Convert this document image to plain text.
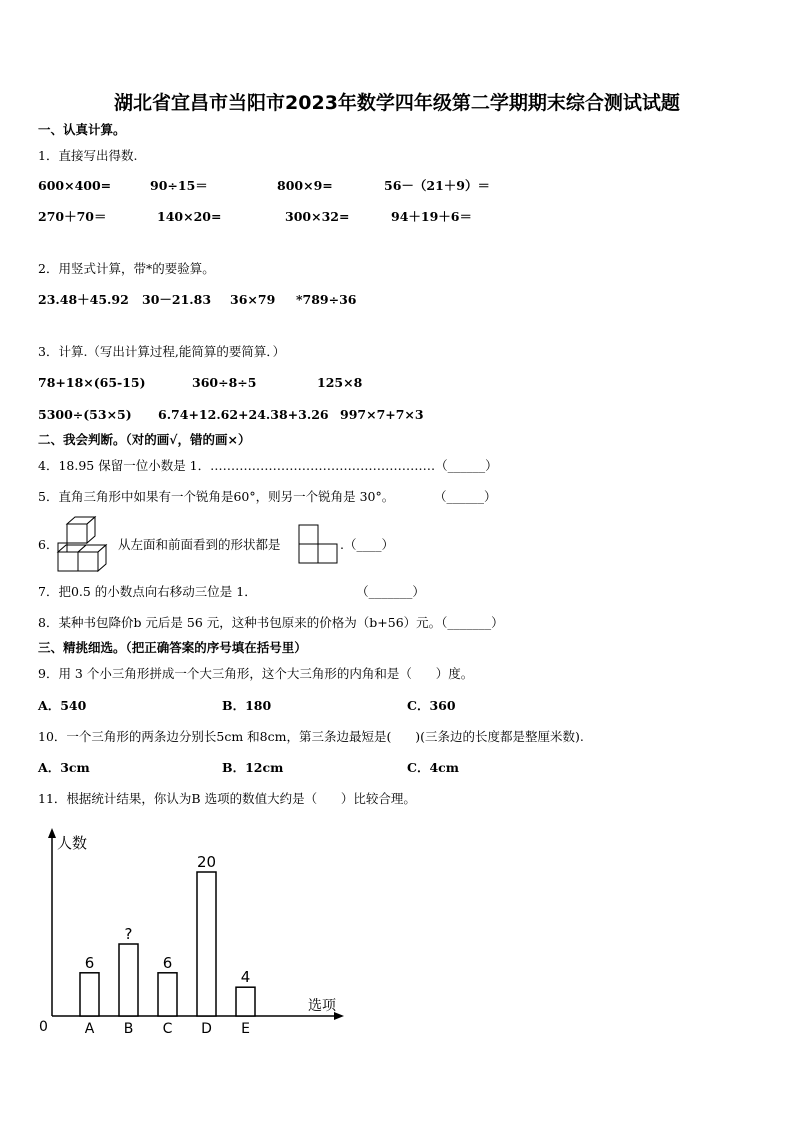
湖北省宜昌市当阳市2023年数学四年级第二学期期末综合测试试题
一、认真计算。
1．直接写出得数.
600×400=	90÷15＝	800×9=	56－（21＋9）＝
270＋70＝	140×20=	300×32=	94＋19＋6＝
2．用竖式计算，带*的要验算。
23.48＋45.92 30－21.83 36×79 *789÷36
3．计算.（写出计算过程,能简算的要简算．）
78+18×(65-15)	360÷8÷5	125×8
5300÷(53×5) 6.74+12.62+24.38+3.26 997×7+7×3
二、我会判断。（对的画√，错的画×）
4．18.95 保留一位小数是 1．………………………………………………（______）
5．直角三角形中如果有一个锐角是60°，则另一个锐角是 30°。          （______）
6．	从左面和前面看到的形状都是	.（____）
7．把0.5 的小数点向右移动三位是 1．                         （_______）
8．某种书包降价b 元后是 56 元，这种书包原来的价格为（b+56）元。（_______）
三、精挑细选。（把正确答案的序号填在括号里）
9．用 3 个小三角形拼成一个大三角形，这个大三角形的内角和是（      ）度。
A．540	B．180	C．360
10．一个三角形的两条边分别长5cm 和8cm，第三条边最短是(      )(三条边的长度都是整厘米数).
A．3cm	B．12cm	C．4cm
11．根据统计结果，你认为B 选项的数值大约是（      ）比较合理。
人数
选项
0
6
A
?
B
6
C
20
D
4
E
